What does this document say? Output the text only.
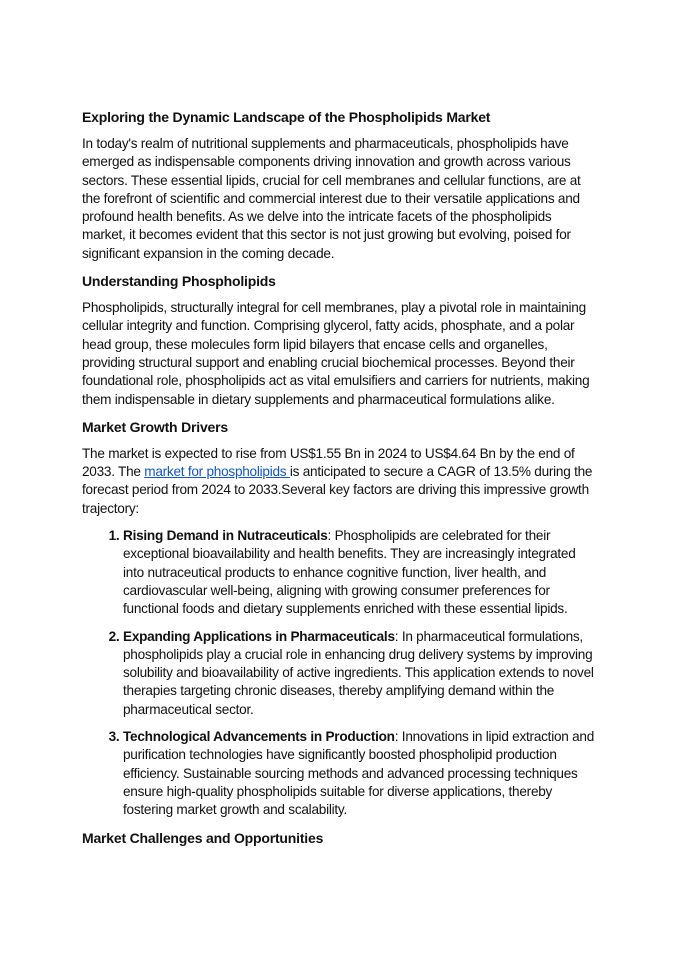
Exploring the Dynamic Landscape of the Phospholipids Market

In today's realm of nutritional supplements and pharmaceuticals, phospholipids have emerged as indispensable components driving innovation and growth across various sectors. These essential lipids, crucial for cell membranes and cellular functions, are at the forefront of scientific and commercial interest due to their versatile applications and profound health benefits. As we delve into the intricate facets of the phospholipids market, it becomes evident that this sector is not just growing but evolving, poised for significant expansion in the coming decade.

Understanding Phospholipids

Phospholipids, structurally integral for cell membranes, play a pivotal role in maintaining cellular integrity and function. Comprising glycerol, fatty acids, phosphate, and a polar head group, these molecules form lipid bilayers that encase cells and organelles, providing structural support and enabling crucial biochemical processes. Beyond their foundational role, phospholipids act as vital emulsifiers and carriers for nutrients, making them indispensable in dietary supplements and pharmaceutical formulations alike.

Market Growth Drivers

The market is expected to rise from US$1.55 Bn in 2024 to US$4.64 Bn by the end of 2033. The market for phospholipids is anticipated to secure a CAGR of 13.5% during the forecast period from 2024 to 2033.Several key factors are driving this impressive growth trajectory:

1. Rising Demand in Nutraceuticals: Phospholipids are celebrated for their exceptional bioavailability and health benefits. They are increasingly integrated into nutraceutical products to enhance cognitive function, liver health, and cardiovascular well-being, aligning with growing consumer preferences for functional foods and dietary supplements enriched with these essential lipids.
2. Expanding Applications in Pharmaceuticals: In pharmaceutical formulations, phospholipids play a crucial role in enhancing drug delivery systems by improving solubility and bioavailability of active ingredients. This application extends to novel therapies targeting chronic diseases, thereby amplifying demand within the pharmaceutical sector.
3. Technological Advancements in Production: Innovations in lipid extraction and purification technologies have significantly boosted phospholipid production efficiency. Sustainable sourcing methods and advanced processing techniques ensure high-quality phospholipids suitable for diverse applications, thereby fostering market growth and scalability.
Market Challenges and Opportunities
